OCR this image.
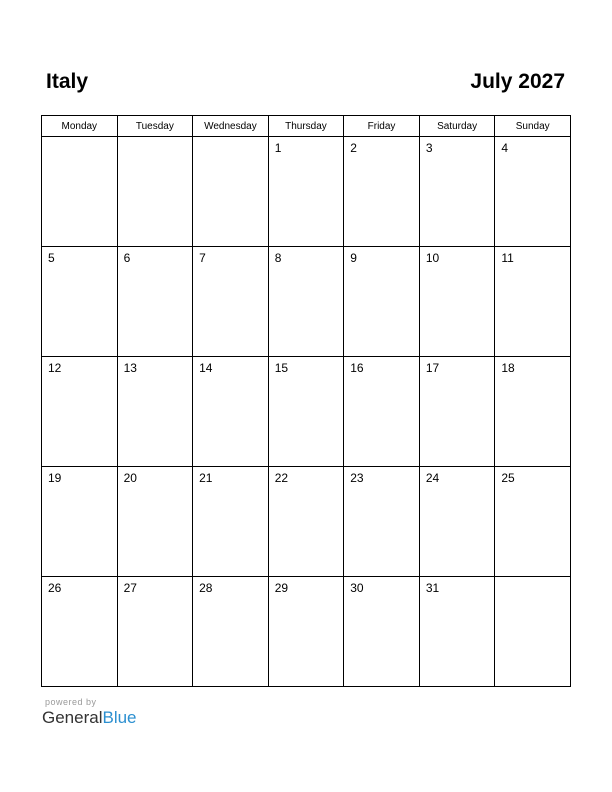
Italy	July 2027
Monday	Tuesday	Wednesday	Thursday	Friday	Saturday	Sunday

			1	2	3	4

5	6	7	8	9	10	11

12	13	14	15	16	17	18

19	20	21	22	23	24	25

26	27	28	29	30	31	

powered by
GeneralBlue
